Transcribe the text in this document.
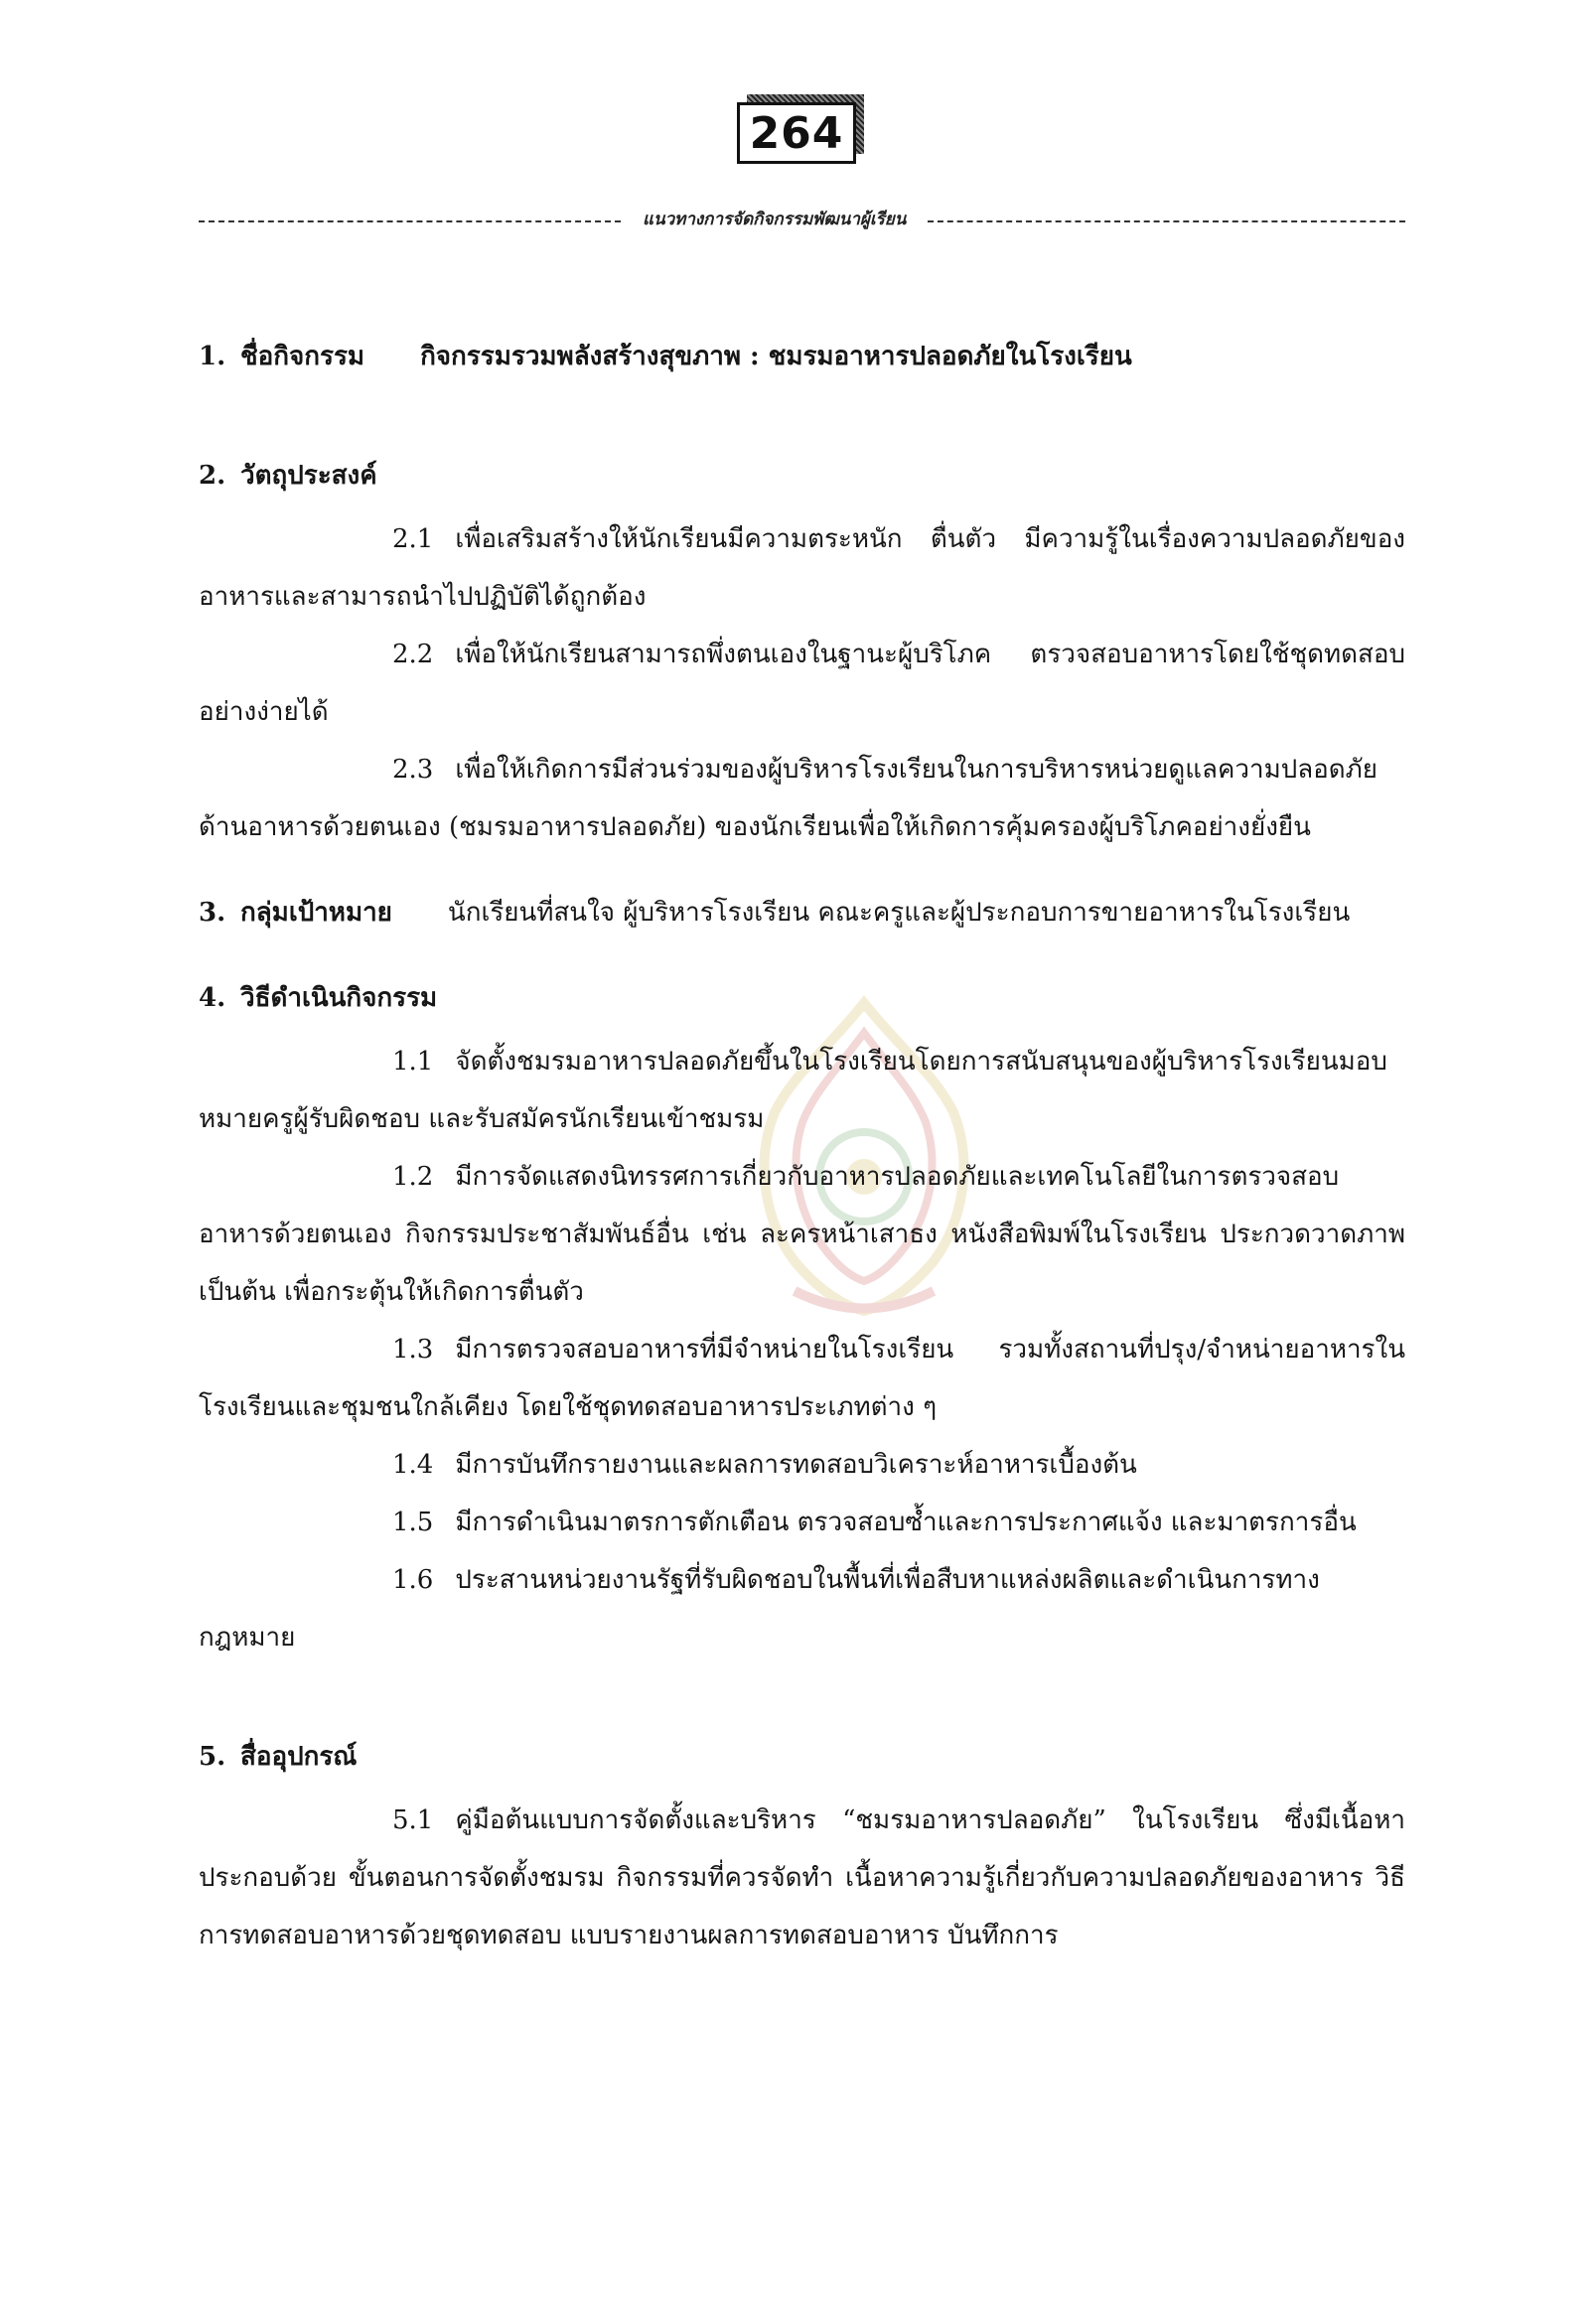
264
แนวทางการจัดกิจกรรมพัฒนาผู้เรียน
1. ชื่อกิจกรรม กิจกรรมรวมพลังสร้างสุขภาพ : ชมรมอาหารปลอดภัยในโรงเรียน
2. วัตถุประสงค์

2.1 เพื่อเสริมสร้างให้นักเรียนมีความตระหนัก ตื่นตัว มีความรู้ในเรื่องความปลอดภัยของอาหารและสามารถนำไปปฏิบัติได้ถูกต้อง

2.2 เพื่อให้นักเรียนสามารถพึ่งตนเองในฐานะผู้บริโภค ตรวจสอบอาหารโดยใช้ชุดทดสอบอย่างง่ายได้

2.3 เพื่อให้เกิดการมีส่วนร่วมของผู้บริหารโรงเรียนในการบริหารหน่วยดูแลความปลอดภัยด้านอาหารด้วยตนเอง (ชมรมอาหารปลอดภัย) ของนักเรียนเพื่อให้เกิดการคุ้มครองผู้บริโภคอย่างยั่งยืน

3. กลุ่มเป้าหมาย นักเรียนที่สนใจ ผู้บริหารโรงเรียน คณะครูและผู้ประกอบการขายอาหารในโรงเรียน
4. วิธีดำเนินกิจกรรม

1.1 จัดตั้งชมรมอาหารปลอดภัยขึ้นในโรงเรียนโดยการสนับสนุนของผู้บริหารโรงเรียนมอบหมายครูผู้รับผิดชอบ และรับสมัครนักเรียนเข้าชมรม

1.2 มีการจัดแสดงนิทรรศการเกี่ยวกับอาหารปลอดภัยและเทคโนโลยีในการตรวจสอบอาหารด้วยตนเอง กิจกรรมประชาสัมพันธ์อื่น เช่น ละครหน้าเสาธง หนังสือพิมพ์ในโรงเรียน ประกวดวาดภาพ เป็นต้น เพื่อกระตุ้นให้เกิดการตื่นตัว

1.3 มีการตรวจสอบอาหารที่มีจำหน่ายในโรงเรียน รวมทั้งสถานที่ปรุง/จำหน่ายอาหารใน โรงเรียนและชุมชนใกล้เคียง โดยใช้ชุดทดสอบอาหารประเภทต่าง ๆ

1.4 มีการบันทึกรายงานและผลการทดสอบวิเคราะห์อาหารเบื้องต้น

1.5 มีการดำเนินมาตรการตักเตือน ตรวจสอบซ้ำและการประกาศแจ้ง และมาตรการอื่น

1.6 ประสานหน่วยงานรัฐที่รับผิดชอบในพื้นที่เพื่อสืบหาแหล่งผลิตและดำเนินการทางกฎหมาย

5. สื่ออุปกรณ์

5.1 คู่มือต้นแบบการจัดตั้งและบริหาร “ชมรมอาหารปลอดภัย” ในโรงเรียน ซึ่งมีเนื้อหาประกอบด้วย ขั้นตอนการจัดตั้งชมรม กิจกรรมที่ควรจัดทำ เนื้อหาความรู้เกี่ยวกับความปลอดภัยของอาหาร วิธีการทดสอบอาหารด้วยชุดทดสอบ แบบรายงานผลการทดสอบอาหาร บันทึกการ
